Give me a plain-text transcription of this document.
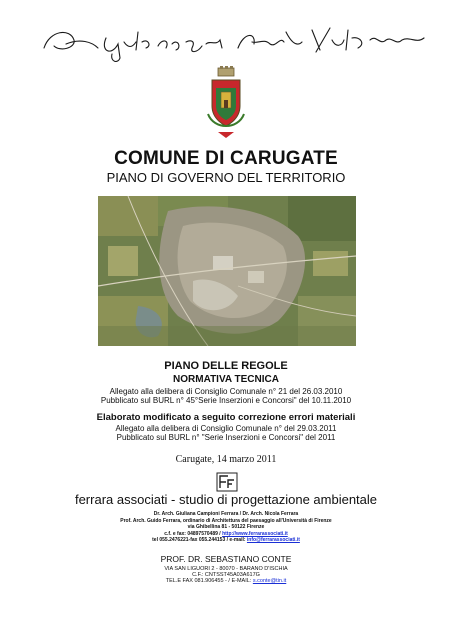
COMUNE DI CARUGATE
PIANO DI GOVERNO DEL TERRITORIO
PIANO DELLE REGOLE
NORMATIVA TECNICA
Allegato alla delibera di Consiglio Comunale n° 21 del 26.03.2010
Pubblicato sul BURL n° 45°Serie Inserzioni e Concorsi" del 10.11.2010
Elaborato modificato a seguito correzione errori materiali
Allegato alla delibera di Consiglio Comunale n° del 29.03.2011
Pubblicato sul BURL n° "Serie Inserzioni e Concorsi" del 2011
Carugate, 14 marzo 2011
ferrara associati - studio di progettazione ambientale
Dr. Arch. Giuliana Campioni Ferrara / Dr. Arch. Nicola Ferrara
Prof. Arch. Guido Ferrara, ordinario di Architettura del paesaggio all'Università di Firenze
via Ghibellina 81 - 50122 Firenze
c.f. e fax: 04897570489 / http://www.ferrarassociati.it
tel 055.2476221-fax 055.244153 / e-mail: info@ferrarassociati.it
PROF. DR. SEBASTIANO CONTE
VIA SAN LIGUORI 2 - 80070 - BARANO D'ISCHIA
C.F.: CNTSST45A03A617G
TEL.E FAX 081.906455 - / E-MAIL: s.conte@tin.it
